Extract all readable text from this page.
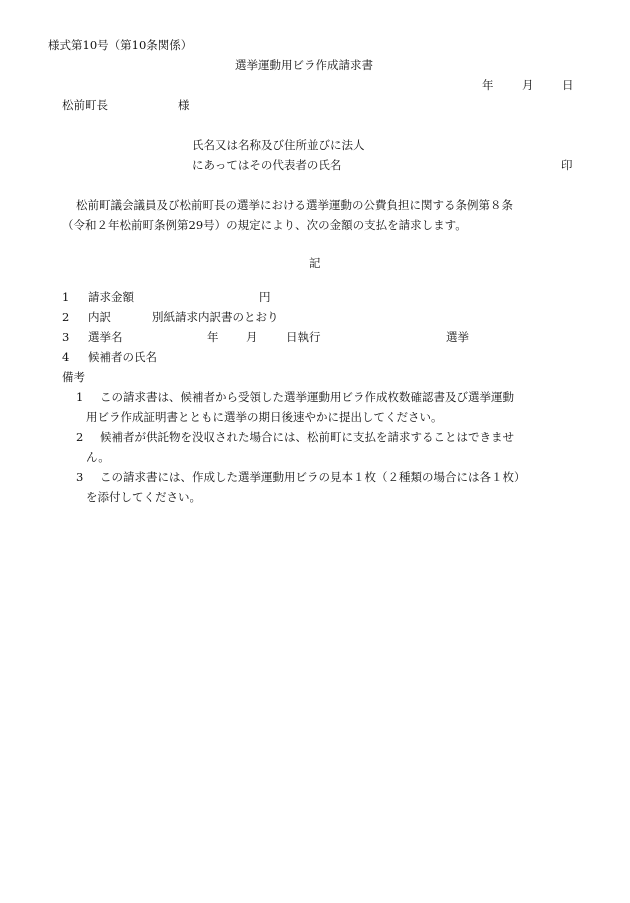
様式第10号（第10条関係）
選挙運動用ビラ作成請求書
年 月 日
松前町長	様
氏名又は名称及び住所並びに法人
にあってはその代表者の氏名	印
松前町議会議員及び松前町長の選挙における選挙運動の公費負担に関する条例第８条
（令和２年松前町条例第29号）の規定により、次の金額の支払を請求します。
記
1 請求金額	円
2 内訳	別紙請求内訳書のとおり
3 選挙名	年 月 日執行	選挙
4 候補者の氏名
備考
1 この請求書は、候補者から受領した選挙運動用ビラ作成枚数確認書及び選挙運動
用ビラ作成証明書とともに選挙の期日後速やかに提出してください。
2 候補者が供託物を没収された場合には、松前町に支払を請求することはできませ
ん。
3 この請求書には、作成した選挙運動用ビラの見本１枚（２種類の場合には各１枚）
を添付してください。
